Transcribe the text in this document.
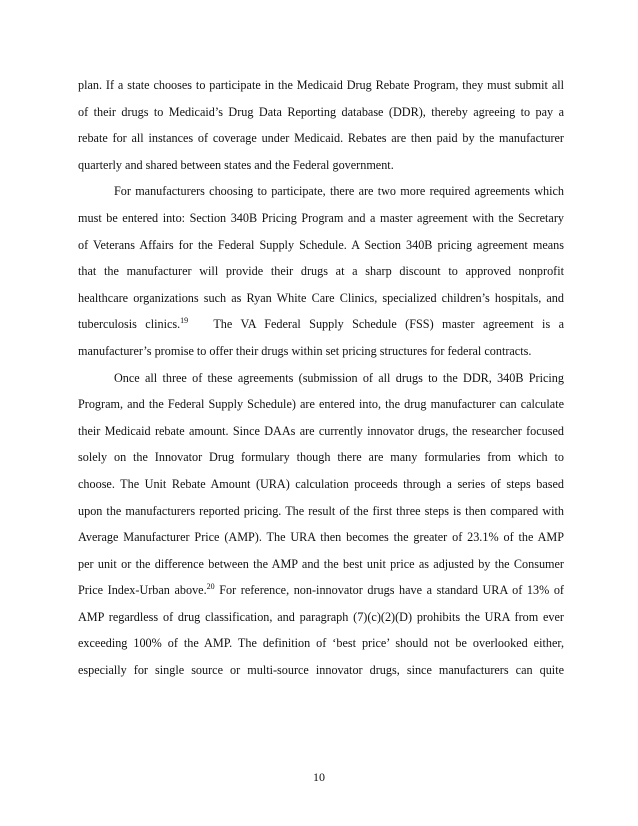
plan. If a state chooses to participate in the Medicaid Drug Rebate Program, they must submit all
of their drugs to Medicaid’s Drug Data Reporting database (DDR), thereby agreeing to pay a
rebate for all instances of coverage under Medicaid. Rebates are then paid by the manufacturer
quarterly and shared between states and the Federal government.
For manufacturers choosing to participate, there are two more required agreements which
must be entered into: Section 340B Pricing Program and a master agreement with the Secretary
of Veterans Affairs for the Federal Supply Schedule. A Section 340B pricing agreement means
that the manufacturer will provide their drugs at a sharp discount to approved nonprofit
healthcare organizations such as Ryan White Care Clinics, specialized children’s hospitals, and
tuberculosis clinics.$^{19}$ The VA Federal Supply Schedule (FSS) master agreement is a
manufacturer’s promise to offer their drugs within set pricing structures for federal contracts.
Once all three of these agreements (submission of all drugs to the DDR, 340B Pricing
Program, and the Federal Supply Schedule) are entered into, the drug manufacturer can calculate
their Medicaid rebate amount. Since DAAs are currently innovator drugs, the researcher focused
solely on the Innovator Drug formulary though there are many formularies from which to
choose. The Unit Rebate Amount (URA) calculation proceeds through a series of steps based
upon the manufacturers reported pricing. The result of the first three steps is then compared with
Average Manufacturer Price (AMP). The URA then becomes the greater of 23.1% of the AMP
per unit or the difference between the AMP and the best unit price as adjusted by the Consumer
Price Index-Urban above.$^{20}$ For reference, non-innovator drugs have a standard URA of 13% of
AMP regardless of drug classification, and paragraph (7)(c)(2)(D) prohibits the URA from ever
exceeding 100% of the AMP. The definition of ‘best price’ should not be overlooked either,
especially for single source or multi-source innovator drugs, since manufacturers can quite
10
